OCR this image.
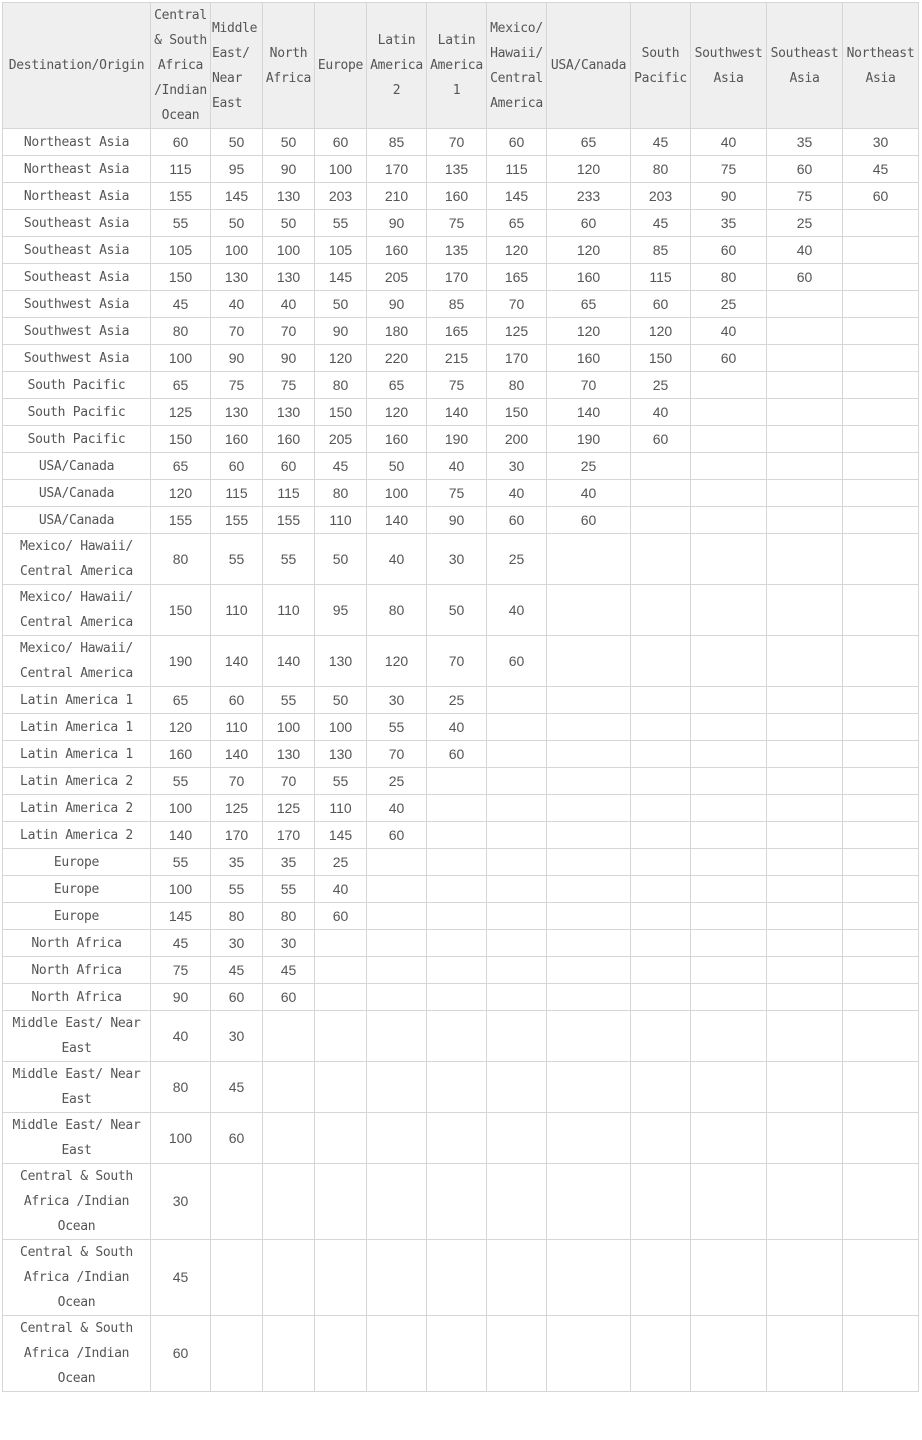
Destination/Origin	Central & South Africa /Indian Ocean	Middle East/ Near East	North Africa	Europe	Latin America 2	Latin America 1	Mexico/ Hawaii/ Central America	USA/Canada	South Pacific	Southwest Asia	Southeast Asia	Northeast Asia
Northeast Asia	60	50	50	60	85	70	60	65	45	40	35	30
Northeast Asia	115	95	90	100	170	135	115	120	80	75	60	45
Northeast Asia	155	145	130	203	210	160	145	233	203	90	75	60
Southeast Asia	55	50	50	55	90	75	65	60	45	35	25	
Southeast Asia	105	100	100	105	160	135	120	120	85	60	40	
Southeast Asia	150	130	130	145	205	170	165	160	115	80	60	
Southwest Asia	45	40	40	50	90	85	70	65	60	25		
Southwest Asia	80	70	70	90	180	165	125	120	120	40		
Southwest Asia	100	90	90	120	220	215	170	160	150	60		
South Pacific	65	75	75	80	65	75	80	70	25			
South Pacific	125	130	130	150	120	140	150	140	40			
South Pacific	150	160	160	205	160	190	200	190	60			
USA/Canada	65	60	60	45	50	40	30	25				
USA/Canada	120	115	115	80	100	75	40	40				
USA/Canada	155	155	155	110	140	90	60	60				
Mexico/ Hawaii/ Central America	80	55	55	50	40	30	25					
Mexico/ Hawaii/ Central America	150	110	110	95	80	50	40					
Mexico/ Hawaii/ Central America	190	140	140	130	120	70	60					
Latin America 1	65	60	55	50	30	25						
Latin America 1	120	110	100	100	55	40						
Latin America 1	160	140	130	130	70	60						
Latin America 2	55	70	70	55	25							
Latin America 2	100	125	125	110	40							
Latin America 2	140	170	170	145	60							
Europe	55	35	35	25								
Europe	100	55	55	40								
Europe	145	80	80	60								
North Africa	45	30	30									
North Africa	75	45	45									
North Africa	90	60	60									
Middle East/ Near East	40	30										
Middle East/ Near East	80	45										
Middle East/ Near East	100	60										
Central & South Africa /Indian Ocean	30											
Central & South Africa /Indian Ocean	45											
Central & South Africa /Indian Ocean	60											
